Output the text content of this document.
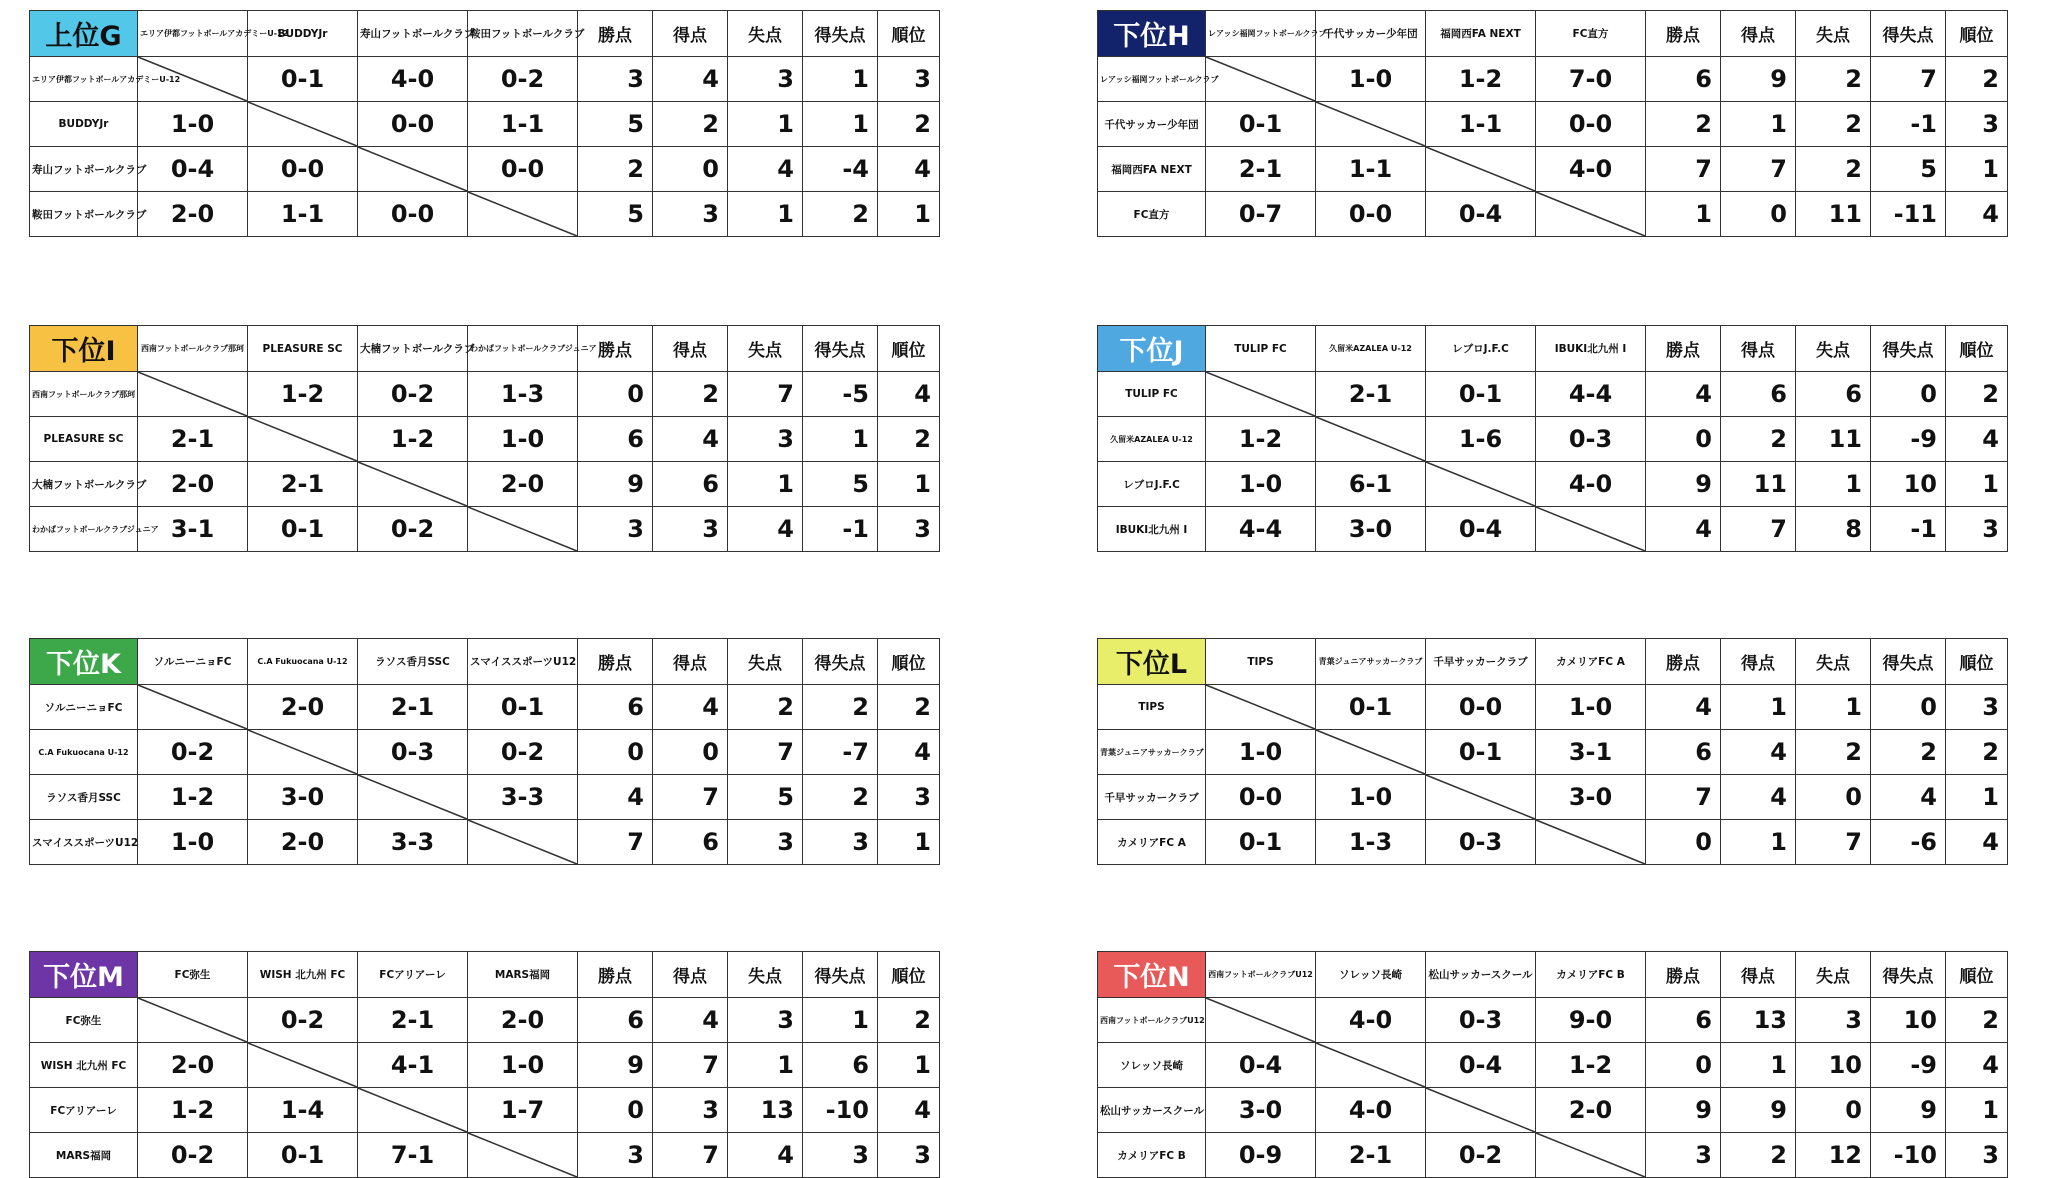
上位G	エリア伊都フットボールアカデミーU-12	BUDDYJr	寿山フットボールクラブ	鞍田フットボールクラブ	勝点	得点	失点	得失点	順位
エリア伊都フットボールアカデミーU-12		0-1	4-0	0-2	3	4	3	1	3
BUDDYJr	1-0		0-0	1-1	5	2	1	1	2
寿山フットボールクラブ	0-4	0-0		0-0	2	0	4	-4	4
鞍田フットボールクラブ	2-0	1-1	0-0		5	3	1	2	1
下位H	レアッシ福岡フットボールクラブ	千代サッカー少年団	福岡西FA NEXT	FC直方	勝点	得点	失点	得失点	順位
レアッシ福岡フットボールクラブ		1-0	1-2	7-0	6	9	2	7	2
千代サッカー少年団	0-1		1-1	0-0	2	1	2	-1	3
福岡西FA NEXT	2-1	1-1		4-0	7	7	2	5	1
FC直方	0-7	0-0	0-4		1	0	11	-11	4
下位I	西南フットボールクラブ那珂	PLEASURE SC	大楠フットボールクラブ	わかばフットボールクラブジュニア	勝点	得点	失点	得失点	順位
西南フットボールクラブ那珂		1-2	0-2	1-3	0	2	7	-5	4
PLEASURE SC	2-1		1-2	1-0	6	4	3	1	2
大楠フットボールクラブ	2-0	2-1		2-0	9	6	1	5	1
わかばフットボールクラブジュニア	3-1	0-1	0-2		3	3	4	-1	3
下位J	TULIP FC	久留米AZALEA U-12	レブロJ.F.C	IBUKI北九州 I	勝点	得点	失点	得失点	順位
TULIP FC		2-1	0-1	4-4	4	6	6	0	2
久留米AZALEA U-12	1-2		1-6	0-3	0	2	11	-9	4
レブロJ.F.C	1-0	6-1		4-0	9	11	1	10	1
IBUKI北九州 I	4-4	3-0	0-4		4	7	8	-1	3
下位K	ソルニーニョFC	C.A Fukuocana U-12	ラソス香月SSC	スマイススポーツU12	勝点	得点	失点	得失点	順位
ソルニーニョFC		2-0	2-1	0-1	6	4	2	2	2
C.A Fukuocana U-12	0-2		0-3	0-2	0	0	7	-7	4
ラソス香月SSC	1-2	3-0		3-3	4	7	5	2	3
スマイススポーツU12	1-0	2-0	3-3		7	6	3	3	1
下位L	TIPS	青葉ジュニアサッカークラブ	千早サッカークラブ	カメリアFC A	勝点	得点	失点	得失点	順位
TIPS		0-1	0-0	1-0	4	1	1	0	3
青葉ジュニアサッカークラブ	1-0		0-1	3-1	6	4	2	2	2
千早サッカークラブ	0-0	1-0		3-0	7	4	0	4	1
カメリアFC A	0-1	1-3	0-3		0	1	7	-6	4
下位M	FC弥生	WISH 北九州 FC	FCアリアーレ	MARS福岡	勝点	得点	失点	得失点	順位
FC弥生		0-2	2-1	2-0	6	4	3	1	2
WISH 北九州 FC	2-0		4-1	1-0	9	7	1	6	1
FCアリアーレ	1-2	1-4		1-7	0	3	13	-10	4
MARS福岡	0-2	0-1	7-1		3	7	4	3	3
下位N	西南フットボールクラブU12	ソレッソ長崎	松山サッカースクール	カメリアFC B	勝点	得点	失点	得失点	順位
西南フットボールクラブU12		4-0	0-3	9-0	6	13	3	10	2
ソレッソ長崎	0-4		0-4	1-2	0	1	10	-9	4
松山サッカースクール	3-0	4-0		2-0	9	9	0	9	1
カメリアFC B	0-9	2-1	0-2		3	2	12	-10	3
